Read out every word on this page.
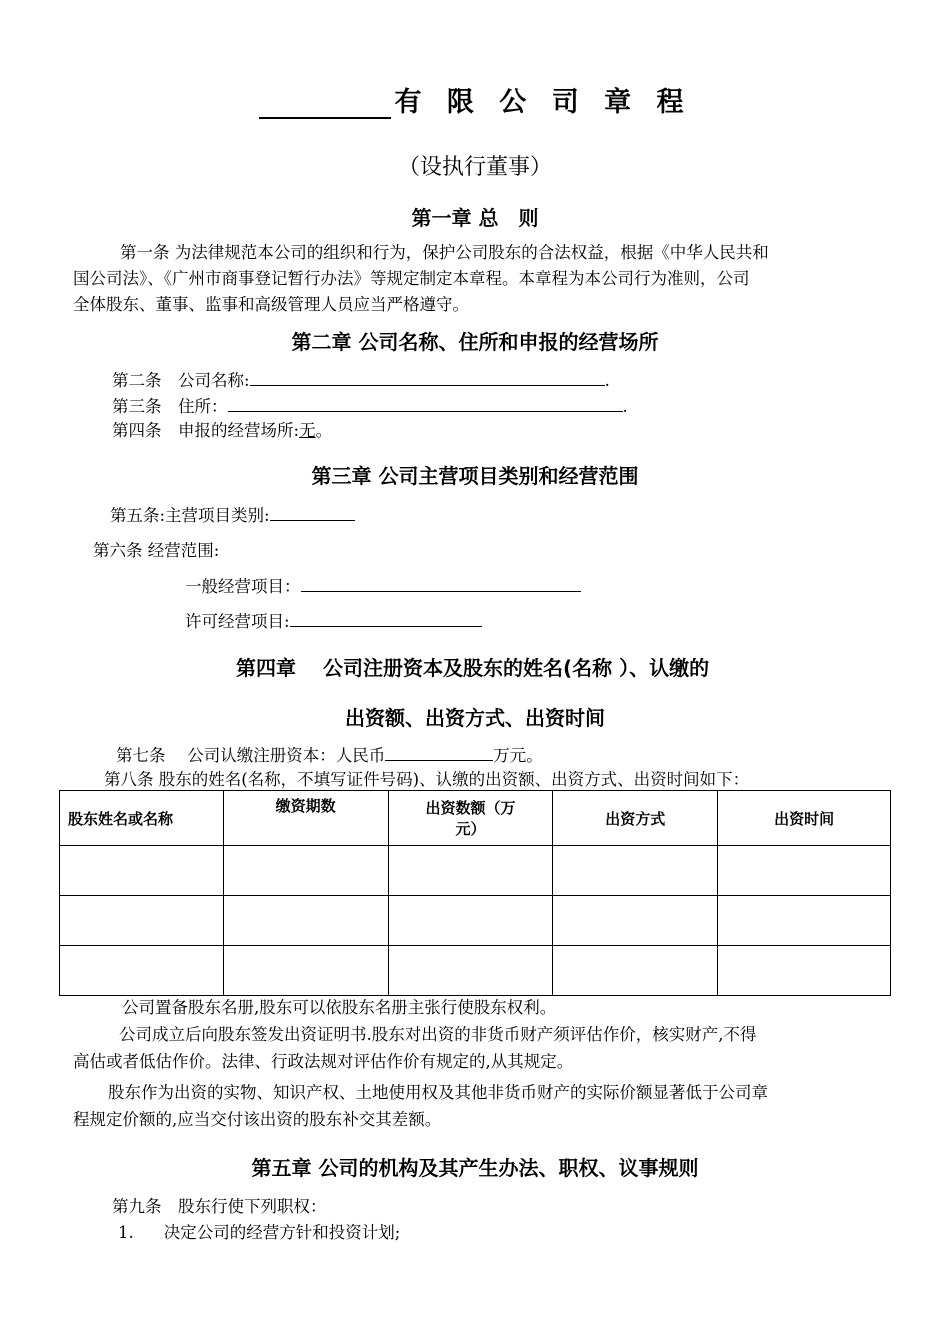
有 限 公 司 章 程
（设执行董事）
第一章 总　则
第一条 为法律规范本公司的组织和行为，保护公司股东的合法权益，根据《中华人民共和
国公司法》、《广州市商事登记暂行办法》等规定制定本章程。本章程为本公司行为准则，公司
全体股东、董事、监事和高级管理人员应当严格遵守。
第二章 公司名称、住所和申报的经营场所
第二条　公司名称:	.
第三条　住所：	.
第四条　申报的经营场所:无。
第三章 公司主营项目类别和经营范围
第五条:主营项目类别:
第六条 经营范围:
一般经营项目：
许可经营项目:
第四章　 公司注册资本及股东的姓名(名称 ）、认缴的
出资额、出资方式、出资时间
第七条　 公司认缴注册资本：人民币	万元。
第八条 股东的姓名(名称，不填写证件号码)、认缴的出资额、出资方式、出资时间如下：
股东姓名或名称	缴资期数	出资数额（万
元）	出资方式	出资时间

公司置备股东名册,股东可以依股东名册主张行使股东权利。
公司成立后向股东签发出资证明书.股东对出资的非货币财产须评估作价，核实财产,不得
高估或者低估作价。法律、行政法规对评估作价有规定的,从其规定。
股东作为出资的实物、知识产权、土地使用权及其他非货币财产的实际价额显著低于公司章
程规定价额的,应当交付该出资的股东补交其差额。
第五章 公司的机构及其产生办法、职权、议事规则
第九条　股东行使下列职权：
1. 决定公司的经营方针和投资计划;
